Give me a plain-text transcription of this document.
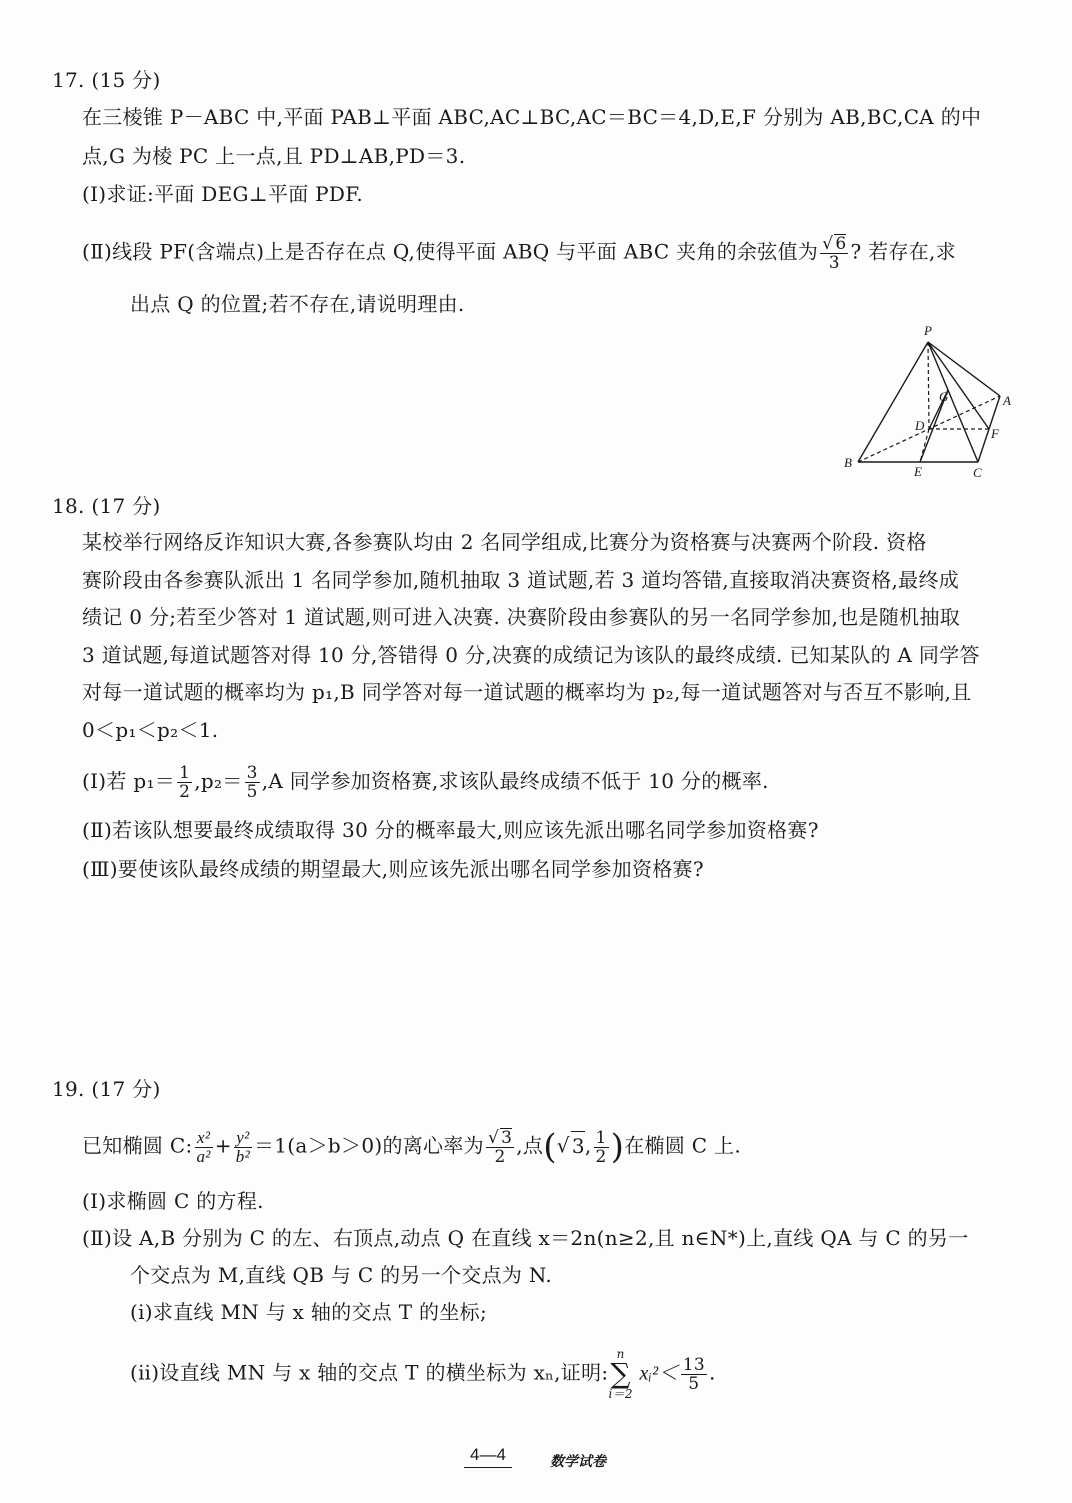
17. (15 分)
在三棱锥 P－ABC 中,平面 PAB⊥平面 ABC,AC⊥BC,AC＝BC＝4,D,E,F 分别为 AB,BC,CA 的中
点,G 为棱 PC 上一点,且 PD⊥AB,PD＝3.
(Ⅰ)求证:平面 DEG⊥平面 PDF.
(Ⅱ)线段 PF(含端点)上是否存在点 Q,使得平面 ABQ 与平面 ABC 夹角的余弦值为 $\frac{√ 6}{3}$ ? 若存在,求
出点 Q 的位置;若不存在,请说明理由.
P
A
B
C
D
E
F
G
18. (17 分)
某校举行网络反诈知识大赛,各参赛队均由 2 名同学组成,比赛分为资格赛与决赛两个阶段. 资格
赛阶段由各参赛队派出 1 名同学参加,随机抽取 3 道试题,若 3 道均答错,直接取消决赛资格,最终成
绩记 0 分;若至少答对 1 道试题,则可进入决赛. 决赛阶段由参赛队的另一名同学参加,也是随机抽取
3 道试题,每道试题答对得 10 分,答错得 0 分,决赛的成绩记为该队的最终成绩. 已知某队的 A 同学答
对每一道试题的概率均为 p₁,B 同学答对每一道试题的概率均为 p₂,每一道试题答对与否互不影响,且
0＜p₁＜p₂＜1.
(Ⅰ)若 $p_1= \frac{1}{2} ,p_2= \frac{3}{5} ,A$ 同学参加资格赛,求该队最终成绩不低于 10 分的概率.
(Ⅱ)若该队想要最终成绩取得 30 分的概率最大,则应该先派出哪名同学参加资格赛?
(Ⅲ)要使该队最终成绩的期望最大,则应该先派出哪名同学参加资格赛?
19. (17 分)
已知椭圆 C: $\frac{\text{x²}}{\text{a²}} + \frac{\text{y²}}{\text{b²}} =1(a>b>0)$的离心率为 $\frac{√ 3}{2}$ ,点(√ 3, $\frac{1}{2}$ )在椭圆 C 上.
(Ⅰ)求椭圆 C 的方程.
(Ⅱ)设 A,B 分别为 C 的左、右顶点,动点 Q 在直线 x＝2n(n≥2,且 n∈N*)上,直线 QA 与 C 的另一
个交点为 M,直线 QB 与 C 的另一个交点为 N.
(ⅰ)求直线 MN 与 x 轴的交点 T 的坐标;
(ⅱ)设直线 MN 与 x 轴的交点 T 的横坐标为 xₙ,证明:
n
∑
i＝2
xᵢ²＜ $\frac{13}{5}$ .
4—4	数学试卷
